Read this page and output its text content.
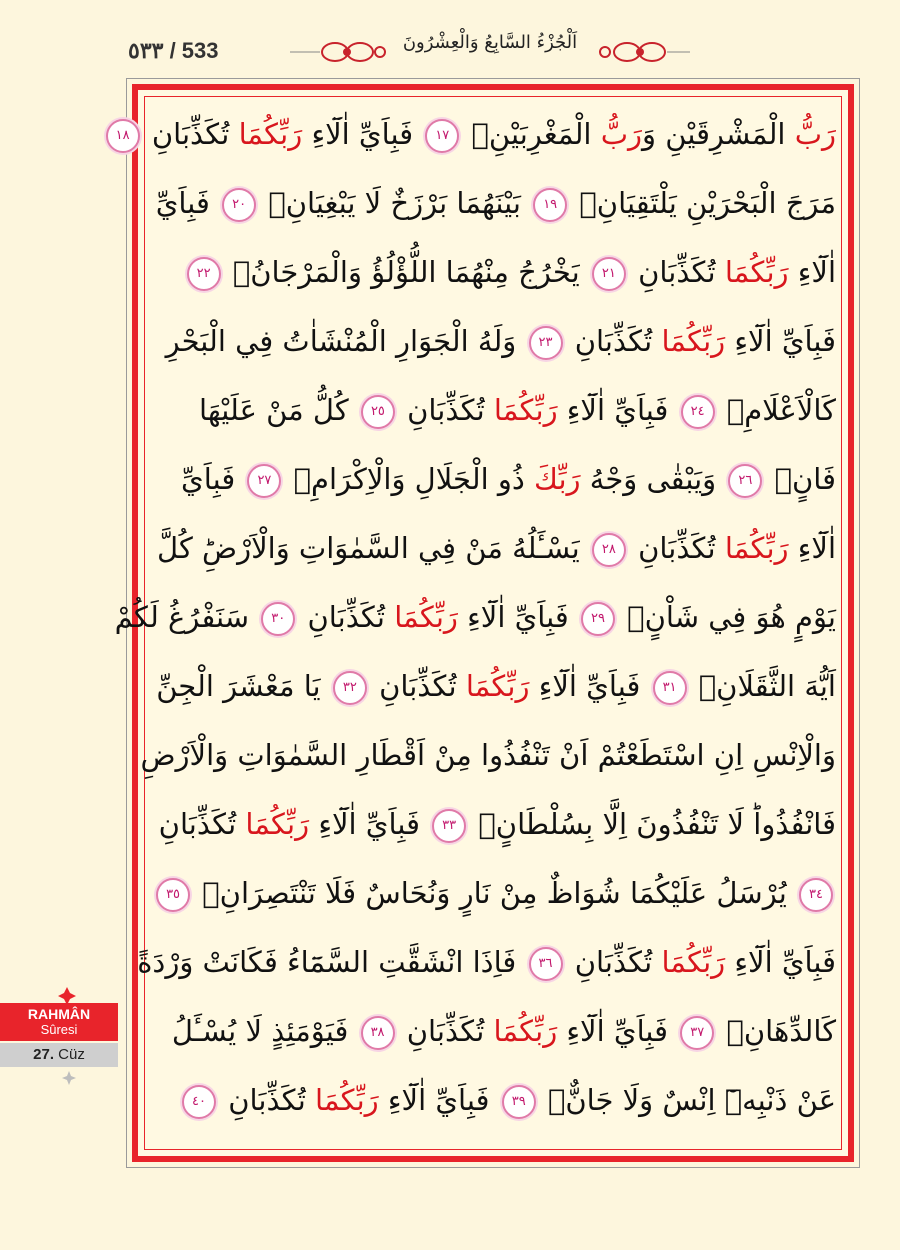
٥٣٣ / 533	اَلْجُزْءُ السَّابِعُ وَالْعِشْرُونَ
رَبُّ الْمَشْرِقَيْنِ وَرَبُّ الْمَغْرِبَيْنِۚ ١٧ فَبِاَيِّ اٰلَٓاءِ رَبِّكُمَا تُكَذِّبَانِ ١٨
مَرَجَ الْبَحْرَيْنِ يَلْتَقِيَانِۙ ١٩ بَيْنَهُمَا بَرْزَخٌ لَا يَبْغِيَانِۚ ٢٠ فَبِاَيِّ
اٰلَٓاءِ رَبِّكُمَا تُكَذِّبَانِ ٢١ يَخْرُجُ مِنْهُمَا اللُّؤْلُؤُ وَالْمَرْجَانُۚ ٢٢
فَبِاَيِّ اٰلَٓاءِ رَبِّكُمَا تُكَذِّبَانِ ٢٣ وَلَهُ الْجَوَارِ الْمُنْشَاٰتُ فِي الْبَحْرِ
كَالْاَعْلَامِۚ ٢٤ فَبِاَيِّ اٰلَٓاءِ رَبِّكُمَا تُكَذِّبَانِ ٢٥ كُلُّ مَنْ عَلَيْهَا
فَانٍۚ ٢٦ وَيَبْقٰى وَجْهُ رَبِّكَ ذُو الْجَلَالِ وَالْاِكْرَامِۚ ٢٧ فَبِاَيِّ
اٰلَٓاءِ رَبِّكُمَا تُكَذِّبَانِ ٢٨ يَسْـَٔلُهُ مَنْ فِي السَّمٰوَاتِ وَالْاَرْضِؕ كُلَّ
يَوْمٍ هُوَ فِي شَاْنٍۚ ٢٩ فَبِاَيِّ اٰلَٓاءِ رَبِّكُمَا تُكَذِّبَانِ ٣٠ سَنَفْرُغُ لَكُمْ
اَيُّهَ الثَّقَلَانِۚ ٣١ فَبِاَيِّ اٰلَٓاءِ رَبِّكُمَا تُكَذِّبَانِ ٣٢ يَا مَعْشَرَ الْجِنِّ
وَالْاِنْسِ اِنِ اسْتَطَعْتُمْ اَنْ تَنْفُذُوا مِنْ اَقْطَارِ السَّمٰوَاتِ وَالْاَرْضِ
فَانْفُذُواؕ لَا تَنْفُذُونَ اِلَّا بِسُلْطَانٍۚ ٣٣ فَبِاَيِّ اٰلَٓاءِ رَبِّكُمَا تُكَذِّبَانِ
٣٤ يُرْسَلُ عَلَيْكُمَا شُوَاظٌ مِنْ نَارٍ وَنُحَاسٌ فَلَا تَنْتَصِرَانِۚ ٣٥
فَبِاَيِّ اٰلَٓاءِ رَبِّكُمَا تُكَذِّبَانِ ٣٦ فَاِذَا انْشَقَّتِ السَّمَٓاءُ فَكَانَتْ وَرْدَةً
كَالدِّهَانِۚ ٣٧ فَبِاَيِّ اٰلَٓاءِ رَبِّكُمَا تُكَذِّبَانِ ٣٨ فَيَوْمَئِذٍ لَا يُسْـَٔلُ
عَنْ ذَنْبِه۪ٓ اِنْسٌ وَلَا جَانٌّۚ ٣٩ فَبِاَيِّ اٰلَٓاءِ رَبِّكُمَا تُكَذِّبَانِ ٤٠
RAHMÂN
Sûresi
27. Cüz
